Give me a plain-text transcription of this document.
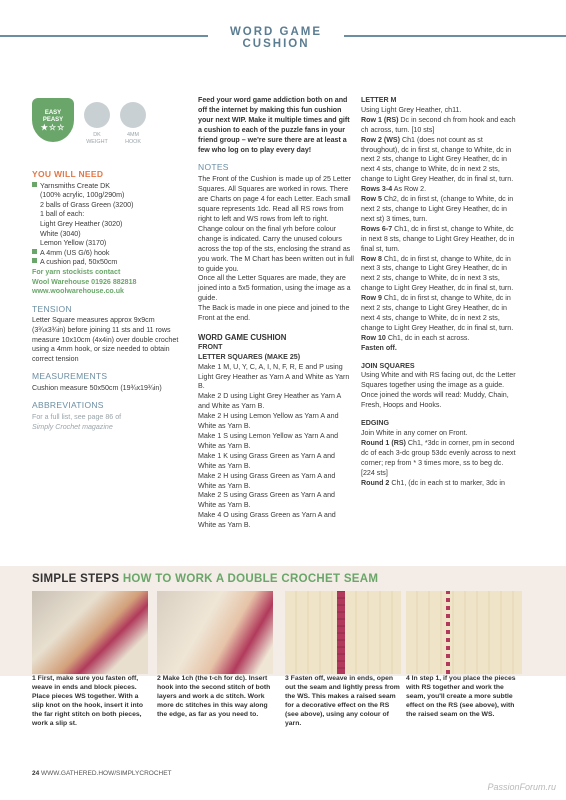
WORD GAME CUSHION
EASY
PEASY
★☆☆
DK
WEIGHT
4MM
HOOK
YOU WILL NEED
Yarnsmiths Create DK
(100% acrylic, 100g/290m)
2 balls of Grass Green (3200)
1 ball of each:
Light Grey Heather (3020)
White (3040)
Lemon Yellow (3170)
A 4mm (US G/6) hook
A cushion pad, 50x50cm
For yarn stockists contact
Wool Warehouse 01926 882818
www.woolwarehouse.co.uk
TENSION
Letter Square measures approx 9x9cm (3¾x3¾in) before joining 11 sts and 11 rows measure 10x10cm (4x4in) over double crochet using a 4mm hook, or size needed to obtain correct tension
MEASUREMENTS
Cushion measure 50x50cm (19¾x19¾in)
ABBREVIATIONS
For a full list, see page 86 of
Simply Crochet magazine
Feed your word game addiction both on and off the internet by making this fun cushion your next WIP. Make it multiple times and gift a cushion to each of the puzzle fans in your friend group – we're sure there are at least a few who log on to play every day!
NOTES
The Front of the Cushion is made up of 25 Letter Squares. All Squares are worked in rows. There are Charts on page 4 for each Letter. Each small square represents 1dc. Read all RS rows from right to left and WS rows from left to right. Change colour on the final yrh before colour change is indicated. Carry the unused colours across the top of the sts, enclosing the strand as you work. The M Chart has been written out in full to guide you.
Once all the Letter Squares are made, they are joined into a 5x5 formation, using the image as a guide.
The Back is made in one piece and joined to the Front at the end.
WORD GAME CUSHION
FRONT
LETTER SQUARES (MAKE 25)
Make 1 M, U, Y, C, A, I, N, F, R, E and P using Light Grey Heather as Yarn A and White as Yarn B.
Make 2 D using Light Grey Heather as Yarn A and White as Yarn B.
Make 2 H using Lemon Yellow as Yarn A and White as Yarn B.
Make 1 S using Lemon Yellow as Yarn A and White as Yarn B.
Make 1 K using Grass Green as Yarn A and White as Yarn B.
Make 2 H using Grass Green as Yarn A and White as Yarn B.
Make 2 S using Grass Green as Yarn A and White as Yarn B.
Make 4 O using Grass Green as Yarn A and White as Yarn B.
LETTER M
Using Light Grey Heather, ch11.
Row 1 (RS) Dc in second ch from hook and each ch across, turn. [10 sts]
Row 2 (WS) Ch1 (does not count as st throughout), dc in first st, change to White, dc in next 2 sts, change to Light Grey Heather, dc in next 4 sts, change to White, dc in next 2 sts, change to Light Grey Heather, dc in final st, turn.
Rows 3-4 As Row 2.
Row 5 Ch2, dc in first st, (change to White, dc in next 2 sts, change to Light Grey Heather, dc in next st) 3 times, turn.
Rows 6-7 Ch1, dc in first st, change to White, dc in next 8 sts, change to Light Grey Heather, dc in final st, turn.
Row 8 Ch1, dc in first st, change to White, dc in next 3 sts, change to Light Grey Heather, dc in next 2 sts, change to White, dc in next 3 sts, change to Light Grey Heather, dc in final st, turn.
Row 9 Ch1, dc in first st, change to White, dc in next 2 sts, change to Light Grey Heather, dc in next 4 sts, change to White, dc in next 2 sts, change to Light Grey Heather, dc in final st, turn.
Row 10 Ch1, dc in each st across.
Fasten off.
JOIN SQUARES
Using White and with RS facing out, dc the Letter Squares together using the image as a guide. Once joined the words will read: Muddy, Chain, Fresh, Hoops and Hooks.
EDGING
Join White in any corner on Front.
Round 1 (RS) Ch1, *3dc in corner, pm in second dc of each 3-dc group 53dc evenly across to next corner; rep from * 3 times more, ss to beg dc. [224 sts]
Round 2 Ch1, (dc in each st to marker, 3dc in
SIMPLE STEPS HOW TO WORK A DOUBLE CROCHET SEAM
1 First, make sure you fasten off, weave in ends and block pieces. Place pieces WS together. With a slip knot on the hook, insert it into the far right stitch on both pieces, work a slip st.
2 Make 1ch (the t-ch for dc). Insert hook into the second stitch of both layers and work a dc stitch. Work more dc stitches in this way along the edge, as far as you need to.
3 Fasten off, weave in ends, open out the seam and lightly press from the WS. This makes a raised seam for a decorative effect on the RS (see above), using any colour of yarn.
4 In step 1, if you place the pieces with RS together and work the seam, you'll create a more subtle effect on the RS (see above), with the raised seam on the WS.
24 WWW.GATHERED.HOW/SIMPLYCROCHET
PassionForum.ru
